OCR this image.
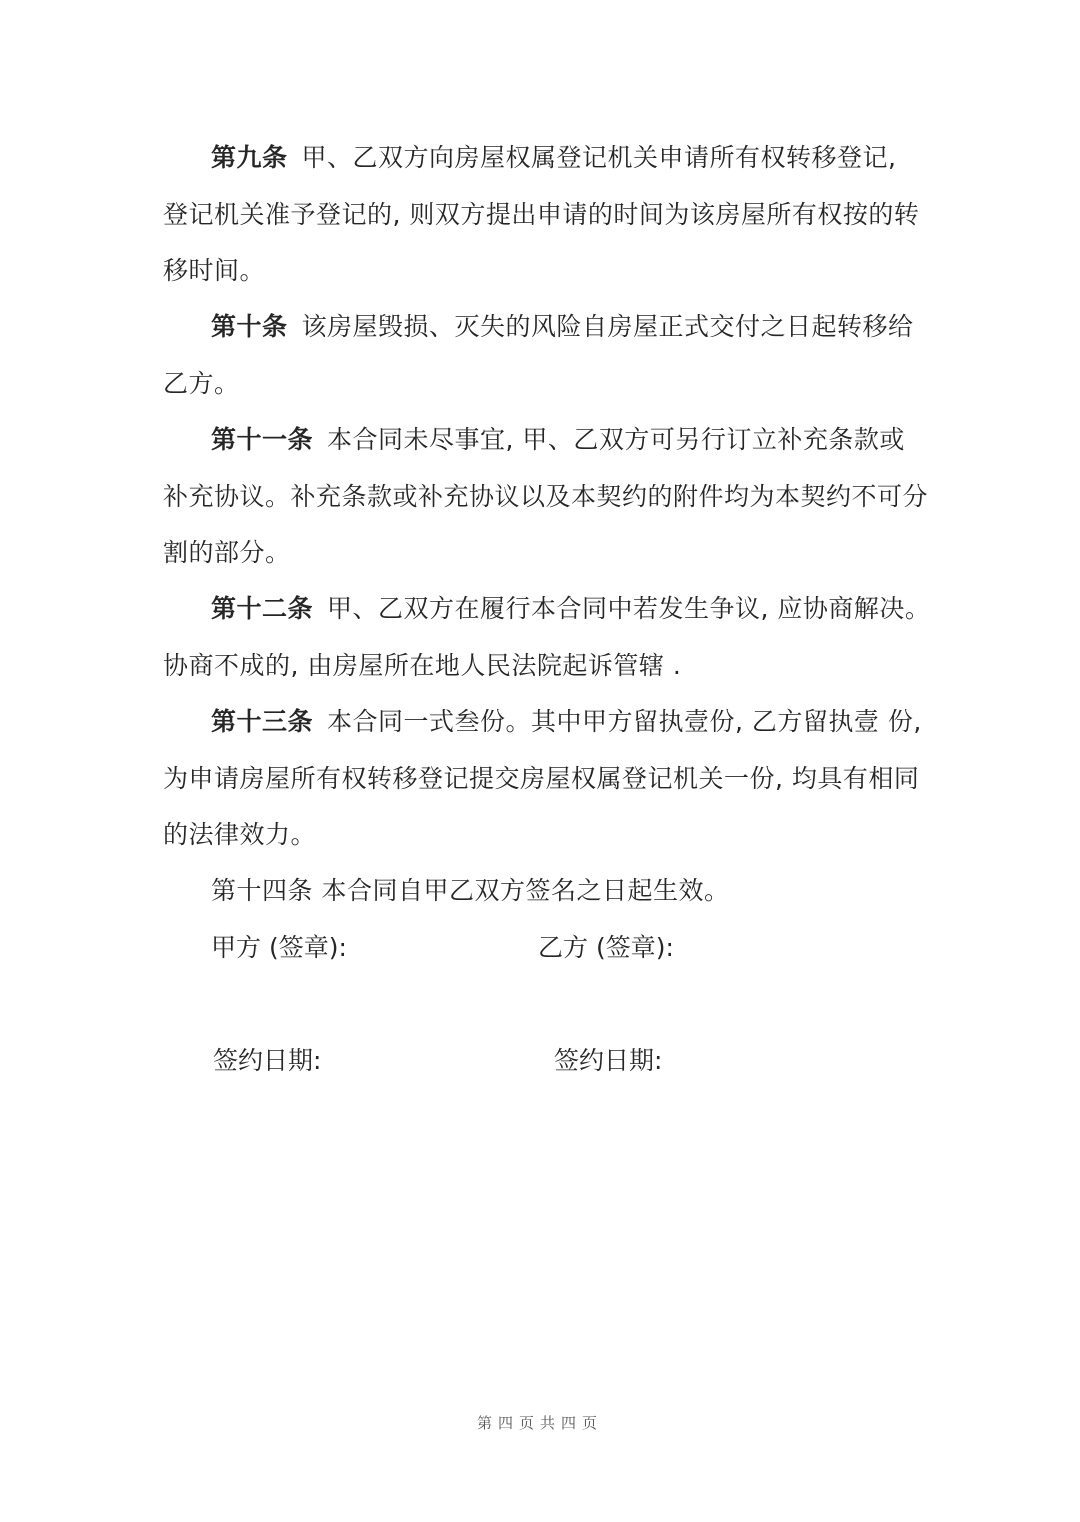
第九条 甲、乙双方向房屋权属登记机关申请所有权转移登记,
登记机关准予登记的, 则双方提出申请的时间为该房屋所有权按的转
移时间。
第十条 该房屋毁损、灭失的风险自房屋正式交付之日起转移给
乙方。
第十一条 本合同未尽事宜, 甲、乙双方可另行订立补充条款或
补充协议。补充条款或补充协议以及本契约的附件均为本契约不可分
割的部分。
第十二条 甲、乙双方在履行本合同中若发生争议, 应协商解决。
协商不成的, 由房屋所在地人民法院起诉管辖 .
第十三条 本合同一式叁份。其中甲方留执壹份, 乙方留执壹 份,
为申请房屋所有权转移登记提交房屋权属登记机关一份, 均具有相同
的法律效力。
第十四条 本合同自甲乙双方签名之日起生效。
甲方 (签章):	乙方 (签章):
签约日期:	签约日期:
第四页共四页
